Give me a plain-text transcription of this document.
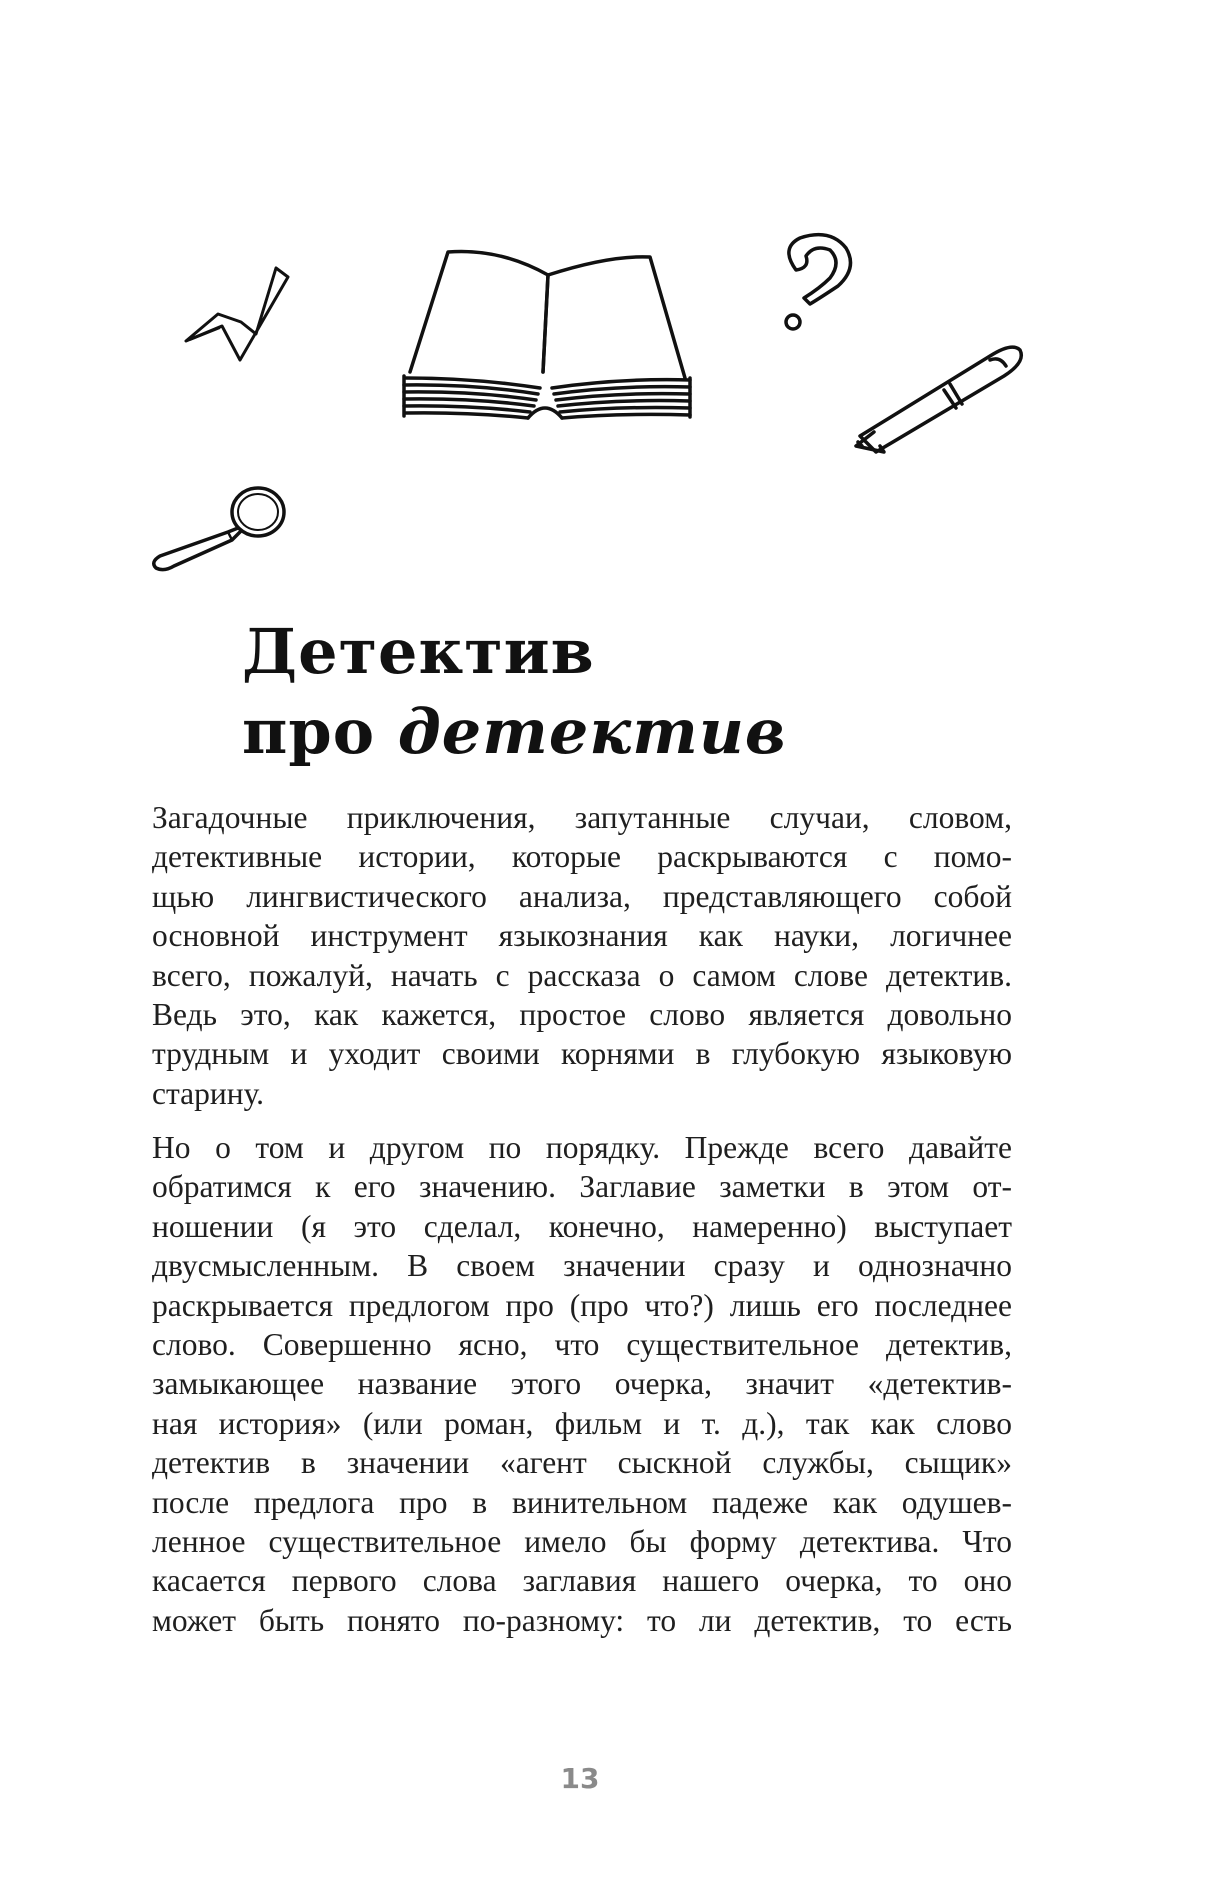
Детектив
про детектив
Загадочные приключения, запутанные случаи, словом,
детективные истории, которые раскрываются с помо-
щью лингвистического анализа, представляющего собой
основной инструмент языкознания как науки, логичнее
всего, пожалуй, начать с рассказа о самом слове детектив.
Ведь это, как кажется, простое слово является довольно
трудным и уходит своими корнями в глубокую языковую
старину.
Но о том и другом по порядку. Прежде всего давайте
обратимся к его значению. Заглавие заметки в этом от-
ношении (я это сделал, конечно, намеренно) выступает
двусмысленным. В своем значении сразу и однозначно
раскрывается предлогом про (про что?) лишь его последнее
слово. Совершенно ясно, что существительное детектив,
замыкающее название этого очерка, значит «детектив-
ная история» (или роман, фильм и т. д.), так как слово
детектив в значении «агент сыскной службы, сыщик»
после предлога про в винительном падеже как одушев-
ленное существительное имело бы форму детектива. Что
касается первого слова заглавия нашего очерка, то оно
может быть понято по-разному: то ли детектив, то есть
13
